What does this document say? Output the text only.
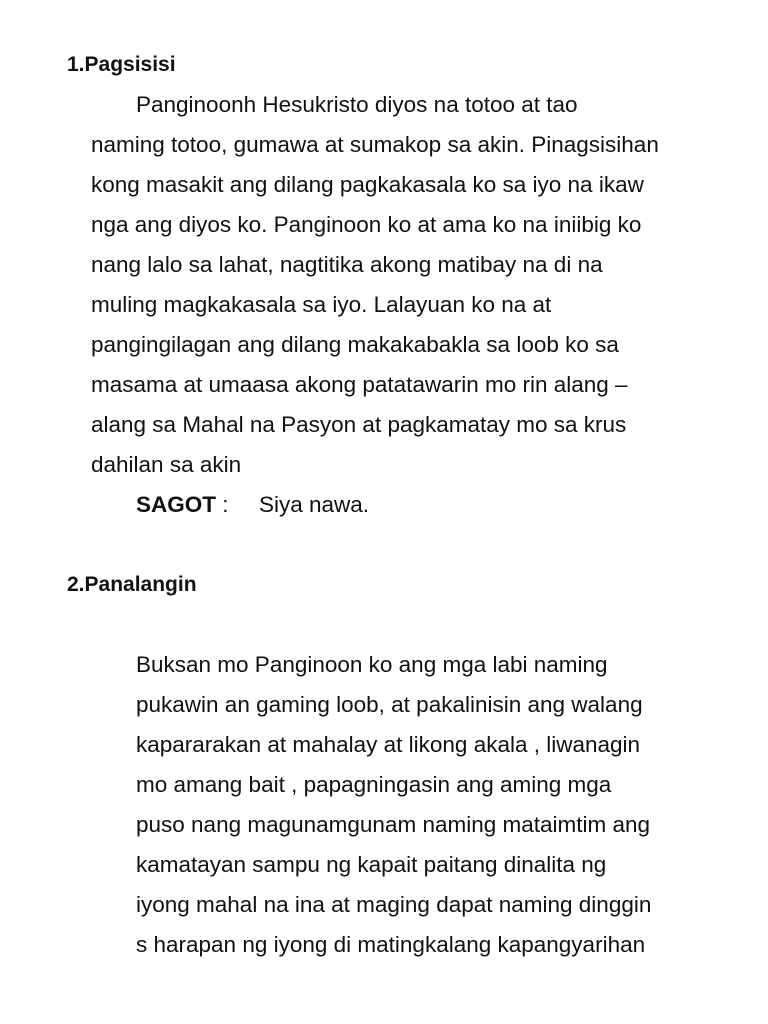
1.Pagsisisi
Panginoonh Hesukristo diyos na totoo at tao
naming totoo, gumawa at sumakop sa akin. Pinagsisihan
kong masakit ang dilang pagkakasala ko sa iyo na ikaw
nga ang diyos ko. Panginoon ko at ama ko na iniibig ko
nang lalo sa lahat, nagtitika akong matibay na di na
muling magkakasala sa iyo. Lalayuan ko na at
pangingilagan ang dilang makakabakla sa loob ko sa
masama at umaasa akong patatawarin mo rin alang –
alang sa Mahal na Pasyon at pagkamatay mo sa krus
dahilan sa akin
SAGOT : Siya nawa.
2.Panalangin
Buksan mo Panginoon ko ang mga labi naming
pukawin an gaming loob, at pakalinisin ang walang
kapararakan at mahalay at likong akala , liwanagin
mo amang bait , papagningasin ang aming mga
puso nang magunamgunam naming mataimtim ang
kamatayan sampu ng kapait paitang dinalita ng
iyong mahal na ina at maging dapat naming dinggin
s harapan ng iyong di matingkalang kapangyarihan
